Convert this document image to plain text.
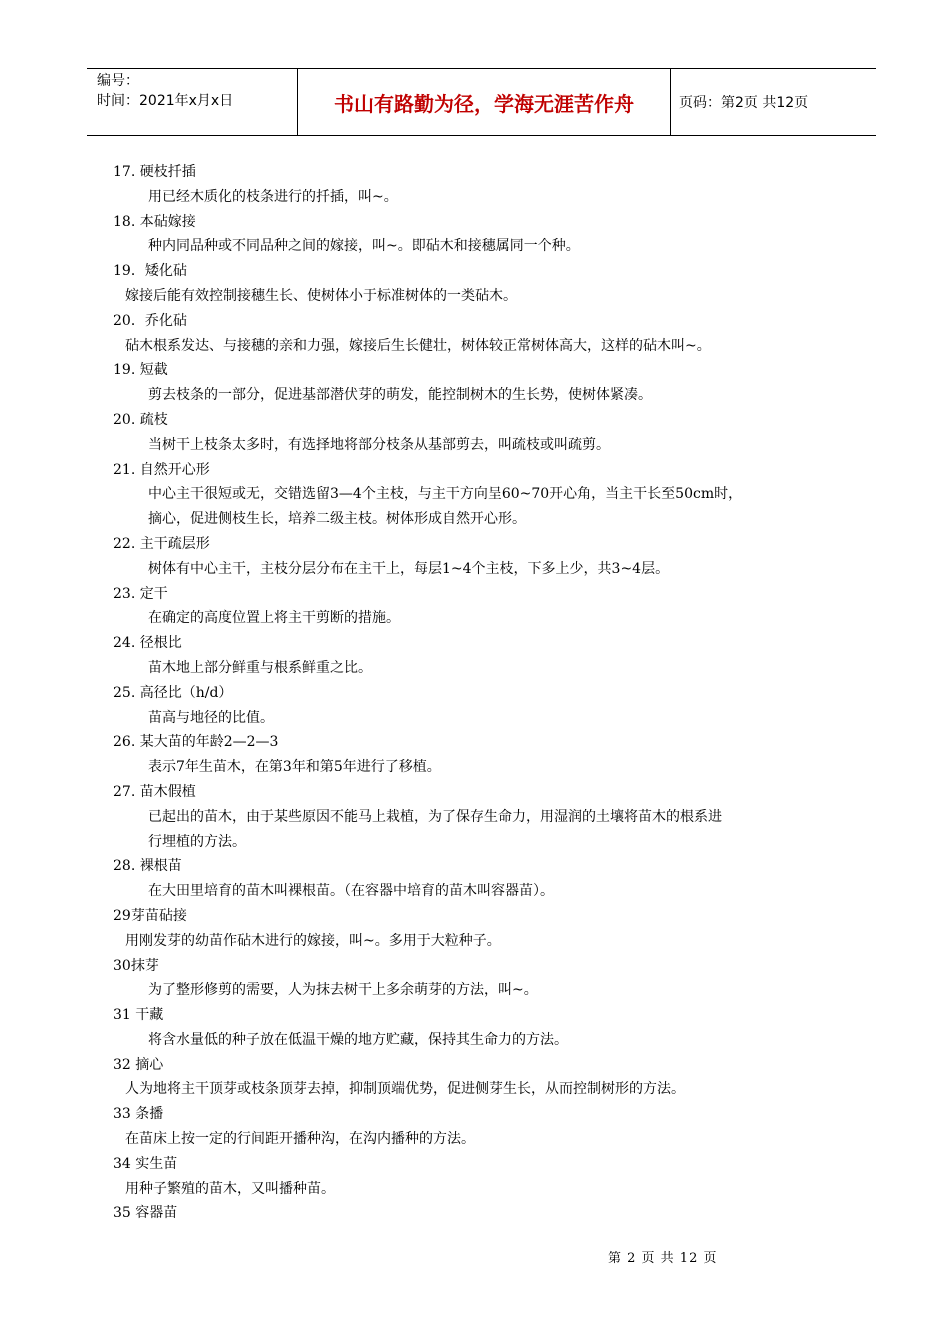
编号：
时间：2021年x月x日	书山有路勤为径，学海无涯苦作舟	页码：第2页 共12页
17. 硬枝扦插
用已经木质化的枝条进行的扦插，叫~。
18. 本砧嫁接
种内同品种或不同品种之间的嫁接，叫~。即砧木和接穗属同一个种。
19．矮化砧
嫁接后能有效控制接穗生长、使树体小于标准树体的一类砧木。
20．乔化砧
砧木根系发达、与接穗的亲和力强，嫁接后生长健壮，树体较正常树体高大，这样的砧木叫~。
19. 短截
剪去枝条的一部分，促进基部潜伏芽的萌发，能控制树木的生长势，使树体紧凑。
20. 疏枝
当树干上枝条太多时，有选择地将部分枝条从基部剪去，叫疏枝或叫疏剪。
21. 自然开心形
中心主干很短或无，交错选留3—4个主枝，与主干方向呈60~70开心角，当主干长至50cm时，
摘心，促进侧枝生长，培养二级主枝。树体形成自然开心形。
22. 主干疏层形
树体有中心主干，主枝分层分布在主干上，每层1~4个主枝，下多上少，共3~4层。
23. 定干
在确定的高度位置上将主干剪断的措施。
24. 径根比
苗木地上部分鲜重与根系鲜重之比。
25. 高径比（h/d）
苗高与地径的比值。
26. 某大苗的年龄2—2—3
表示7年生苗木，在第3年和第5年进行了移植。
27. 苗木假植
已起出的苗木，由于某些原因不能马上栽植，为了保存生命力，用湿润的土壤将苗木的根系进
行埋植的方法。
28. 裸根苗
在大田里培育的苗木叫裸根苗。（在容器中培育的苗木叫容器苗）。
29芽苗砧接
用刚发芽的幼苗作砧木进行的嫁接，叫~。多用于大粒种子。
30抹芽
为了整形修剪的需要，人为抹去树干上多余萌芽的方法，叫~。
31 干藏
将含水量低的种子放在低温干燥的地方贮藏，保持其生命力的方法。
32 摘心
人为地将主干顶芽或枝条顶芽去掉，抑制顶端优势，促进侧芽生长，从而控制树形的方法。
33 条播
在苗床上按一定的行间距开播种沟，在沟内播种的方法。
34 实生苗
用种子繁殖的苗木，又叫播种苗。
35 容器苗
第 2 页 共 12 页
